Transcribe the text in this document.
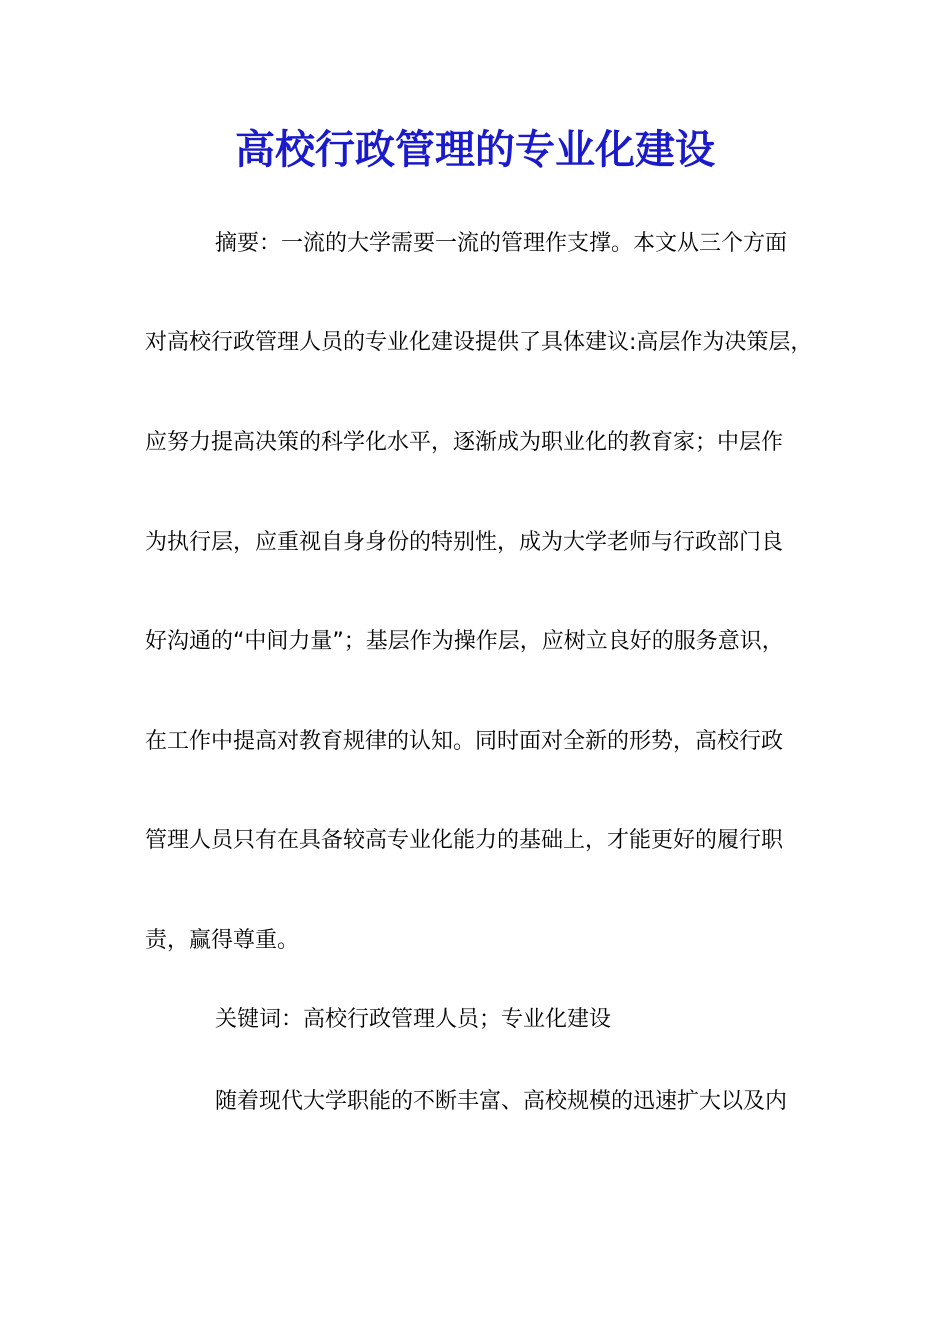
高校行政管理的专业化建设
摘要：一流的大学需要一流的管理作支撑。本文从三个方面
对高校行政管理人员的专业化建设提供了具体建议:高层作为决策层，
应努力提高决策的科学化水平，逐渐成为职业化的教育家；中层作
为执行层，应重视自身身份的特别性，成为大学老师与行政部门良
好沟通的“中间力量”；基层作为操作层，应树立良好的服务意识，
在工作中提高对教育规律的认知。同时面对全新的形势，高校行政
管理人员只有在具备较高专业化能力的基础上，才能更好的履行职
责，赢得尊重。
关键词：高校行政管理人员；专业化建设
随着现代大学职能的不断丰富、高校规模的迅速扩大以及内
